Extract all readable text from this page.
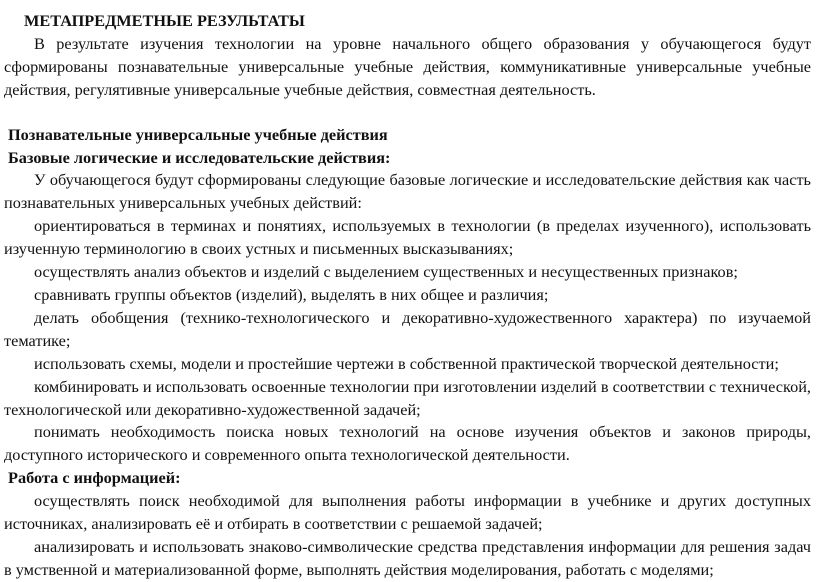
МЕТАПРЕДМЕТНЫЕ РЕЗУЛЬТАТЫ

В результате изучения технологии на уровне начального общего образования у обучающегося будут сформированы познавательные универсальные учебные действия, коммуникативные универсальные учебные действия, регулятивные универсальные учебные действия, совместная деятельность.

Познавательные универсальные учебные действия

Базовые логические и исследовательские действия:

У обучающегося будут сформированы следующие базовые логические и исследовательские действия как часть познавательных универсальных учебных действий:

ориентироваться в терминах и понятиях, используемых в технологии (в пределах изученного), использовать изученную терминологию в своих устных и письменных высказываниях;

осуществлять анализ объектов и изделий с выделением существенных и несущественных признаков;

сравнивать группы объектов (изделий), выделять в них общее и различия;

делать обобщения (технико-технологического и декоративно-художественного характера) по изучаемой тематике;

использовать схемы, модели и простейшие чертежи в собственной практической творческой деятельности;

комбинировать и использовать освоенные технологии при изготовлении изделий в соответствии с технической, технологической или декоративно-художественной задачей;

понимать необходимость поиска новых технологий на основе изучения объектов и законов природы, доступного исторического и современного опыта технологической деятельности.

Работа с информацией:

осуществлять поиск необходимой для выполнения работы информации в учебнике и других доступных источниках, анализировать её и отбирать в соответствии с решаемой задачей;

анализировать и использовать знаково-символические средства представления информации для решения задач в умственной и материализованной форме, выполнять действия моделирования, работать с моделями;
